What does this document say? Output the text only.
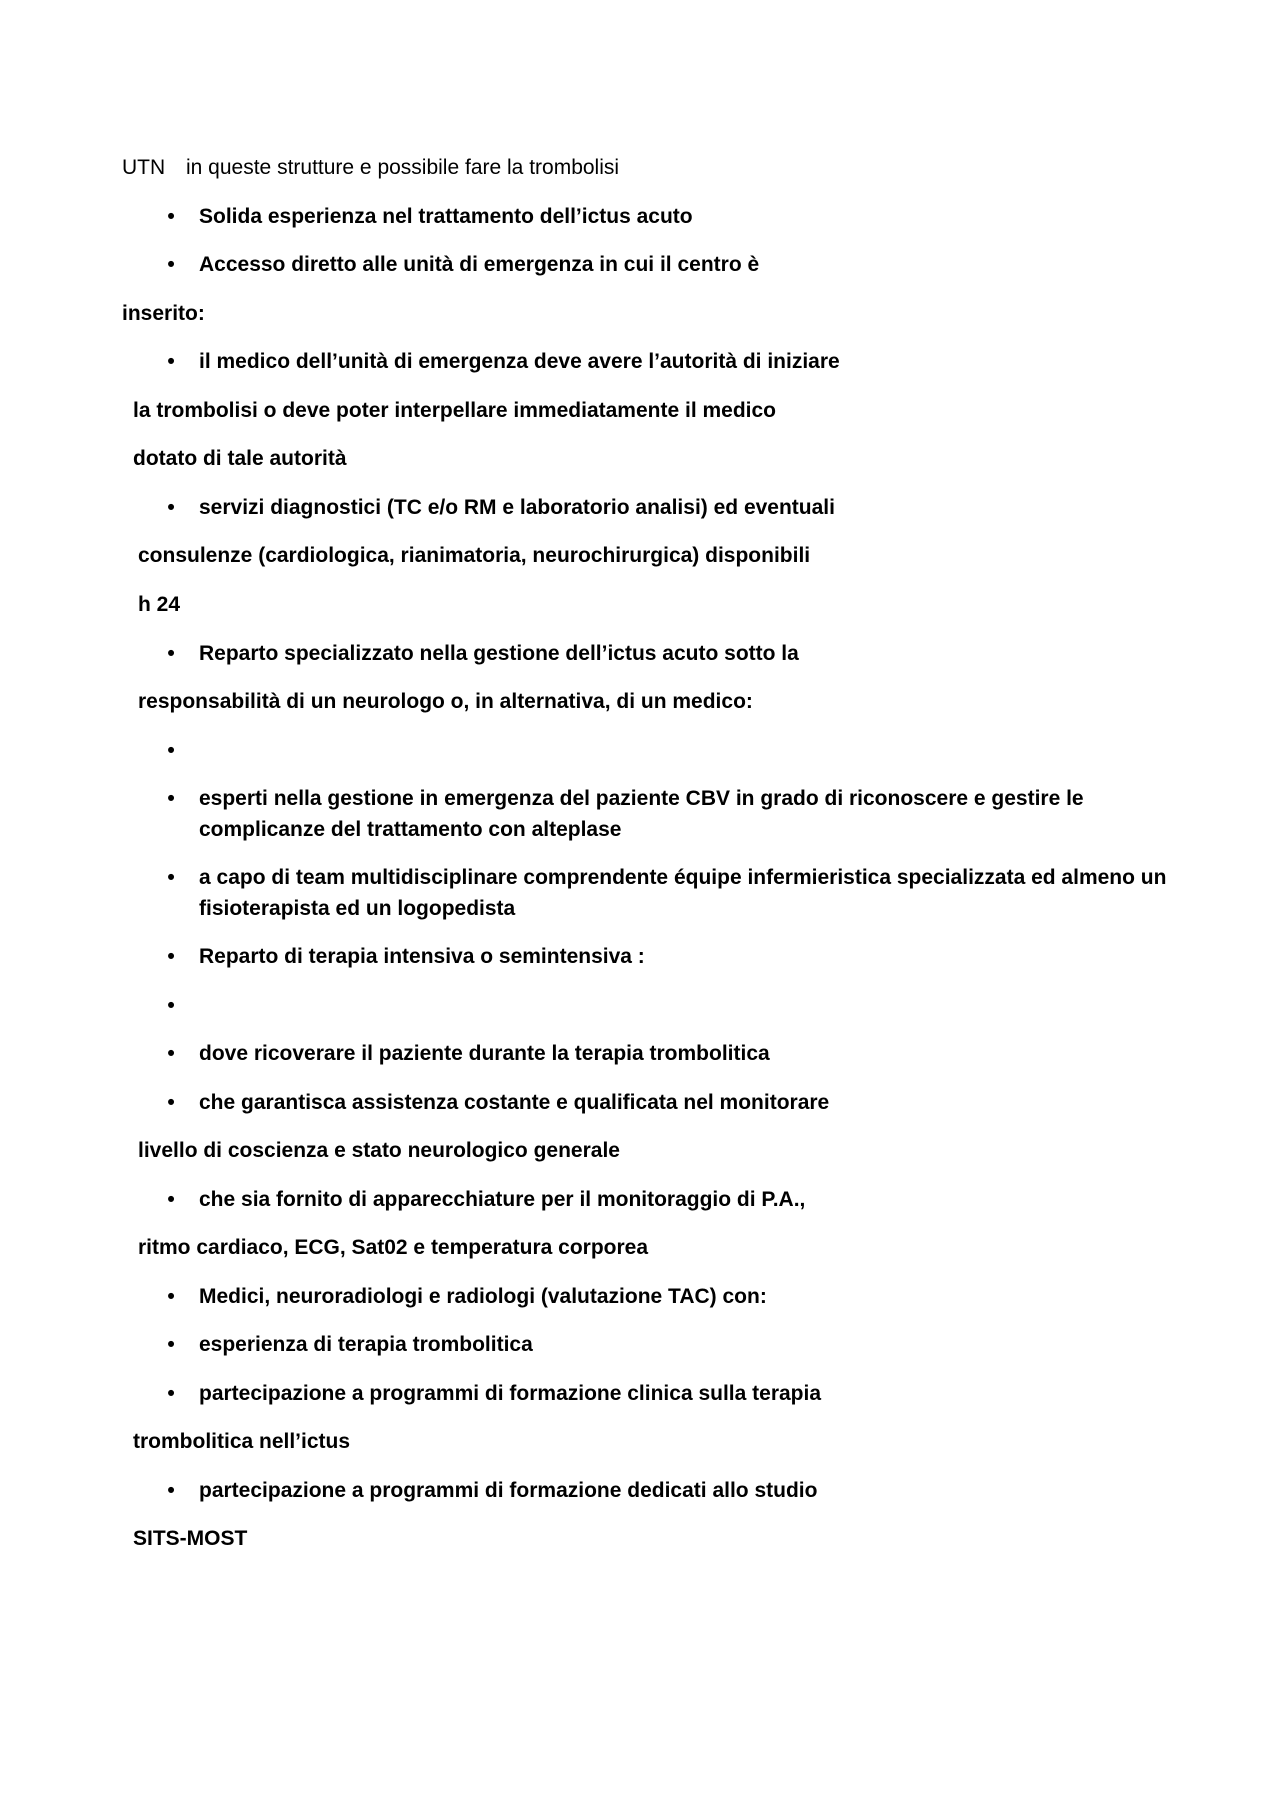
UTN in queste strutture e possibile fare la trombolisi
•	Solida esperienza nel trattamento dell’ictus acuto
•	Accesso diretto alle unità di emergenza in cui il centro è
inserito:
•	il medico dell’unità di emergenza deve avere l’autorità di iniziare
la trombolisi o deve poter interpellare immediatamente il medico
dotato di tale autorità
•	servizi diagnostici (TC e/o RM e laboratorio analisi) ed eventuali
consulenze (cardiologica, rianimatoria, neurochirurgica) disponibili
h 24
•	Reparto specializzato nella gestione dell’ictus acuto sotto la
responsabilità di un neurologo o, in alternativa, di un medico:
•
•	esperti nella gestione in emergenza del paziente CBV in grado di riconoscere e gestire le complicanze del trattamento con alteplase
•	a capo di team multidisciplinare comprendente équipe infermieristica specializzata ed almeno un fisioterapista ed un logopedista
•	Reparto di terapia intensiva o semintensiva :
•
•	dove ricoverare il paziente durante la terapia trombolitica
•	che garantisca assistenza costante e qualificata nel monitorare
livello di coscienza e stato neurologico generale
•	che sia fornito di apparecchiature per il monitoraggio di P.A.,
ritmo cardiaco, ECG, Sat02 e temperatura corporea
•	Medici, neuroradiologi e radiologi (valutazione TAC) con:
•	esperienza di terapia trombolitica
•	partecipazione a programmi di formazione clinica sulla terapia
trombolitica nell’ictus
•	partecipazione a programmi di formazione dedicati allo studio
SITS-MOST
